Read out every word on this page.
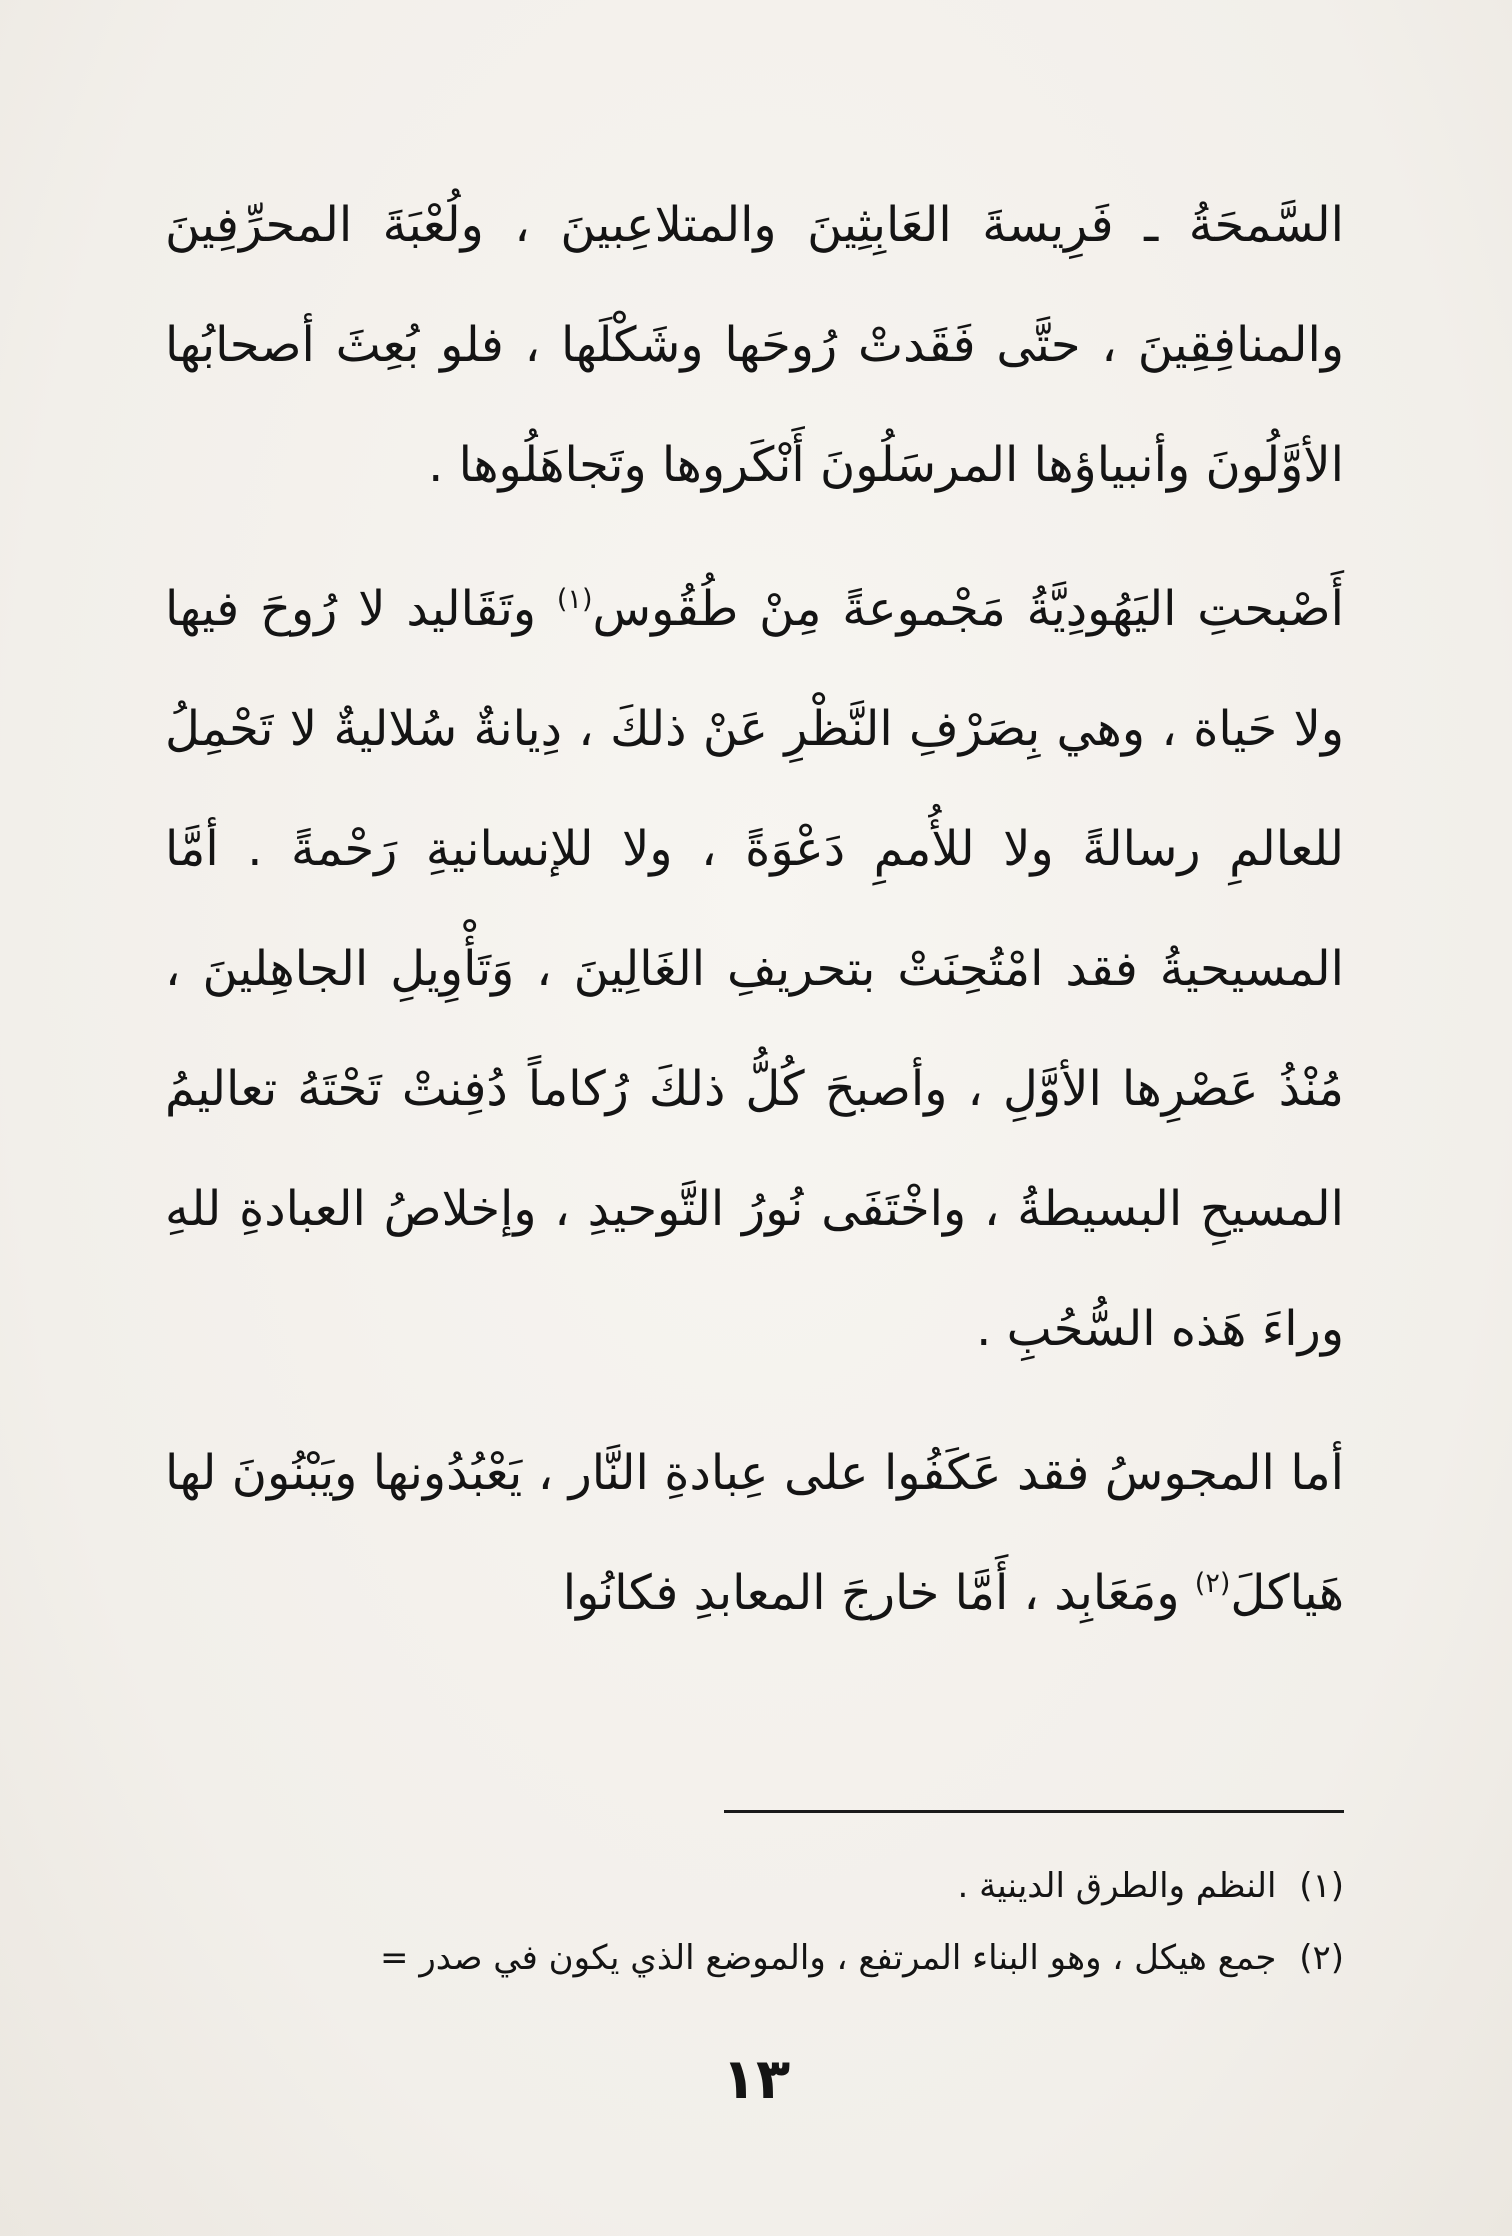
السَّمحَةُ ـ فَرِيسةَ العَابِثِينَ والمتلاعِبينَ ، ولُعْبَةَ المحرِّفِينَ والمنافِقِينَ ، حتَّى فَقَدتْ رُوحَها وشَكْلَها ، فلو بُعِثَ أصحابُها الأوَّلُونَ وأنبياؤها المرسَلُونَ أَنْكَروها وتَجاهَلُوها .

أَصْبحتِ اليَهُودِيَّةُ مَجْموعةً مِنْ طُقُوس$^{(١)}$ وتَقَاليد لا رُوحَ فيها ولا حَياة ، وهي بِصَرْفِ النَّظْرِ عَنْ ذلكَ ، دِيانةٌ سُلاليةٌ لا تَحْمِلُ للعالمِ رسالةً ولا للأُممِ دَعْوَةً ، ولا للإنسانيةِ رَحْمةً . أمَّا المسيحيةُ فقد امْتُحِنَتْ بتحريفِ الغَالِينَ ، وَتَأْوِيلِ الجاهِلينَ ، مُنْذُ عَصْرِها الأوَّلِ ، وأصبحَ كُلُّ ذلكَ رُكاماً دُفِنتْ تَحْتَهُ تعاليمُ المسيحِ البسيطةُ ، واخْتَفَى نُورُ التَّوحيدِ ، وإخلاصُ العبادةِ للهِ وراءَ هَذه السُّحُبِ .

أما المجوسُ فقد عَكَفُوا على عِبادةِ النَّار ، يَعْبُدُونها ويَبْنُونَ لها هَياكلَ$^{(٢)}$ ومَعَابِد ، أَمَّا خارجَ المعابدِ فكانُوا

(١) النظم والطرق الدينية .

(٢) جمع هيكل ، وهو البناء المرتفع ، والموضع الذي يكون في صدر =

١٣
